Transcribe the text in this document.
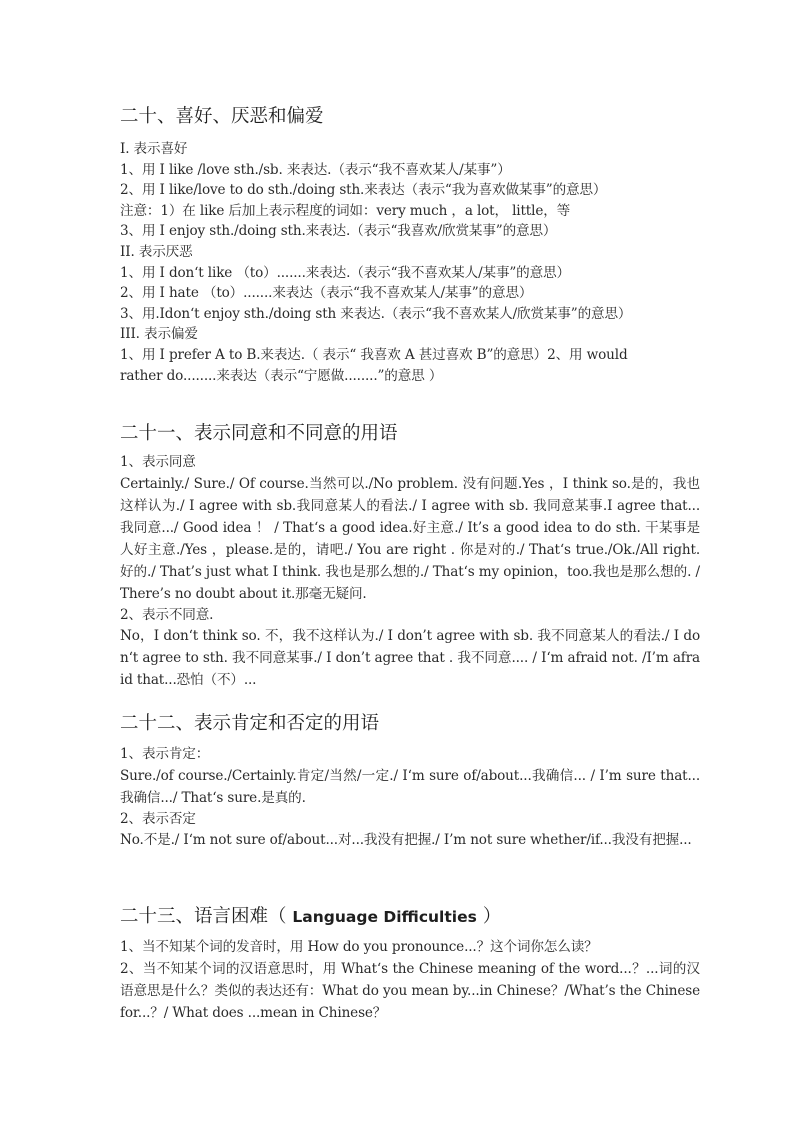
二十、喜好、厌恶和偏爱
I. 表示喜好
1、用 I like /love sth./sb. 来表达.（表示“我不喜欢某人/某事”）
2、用 I like/love to do sth./doing sth.来表达（表示“我为喜欢做某事”的意思）
注意：1）在 like 后加上表示程度的词如：very much ，a lot， little，等
3、用 I enjoy sth./doing sth.来表达.（表示“我喜欢/欣赏某事”的意思）
II. 表示厌恶
1、用 I don‘t like （to）.......来表达.（表示“我不喜欢某人/某事”的意思）
2、用 I hate （to）.......来表达（表示“我不喜欢某人/某事”的意思）
3、用.Idon‘t enjoy sth./doing sth 来表达.（表示“我不喜欢某人/欣赏某事”的意思）
III. 表示偏爱
1、用 I prefer A to B.来表达.（ 表示“ 我喜欢 A 甚过喜欢 B”的意思）2、用 would
rather do........来表达（表示“宁愿做........”的意思 ）
二十一、表示同意和不同意的用语
1、表示同意
Certainly./ Sure./ Of course.当然可以./No problem. 没有问题.Yes ，I think so.是的，我也这样认为./ I agree with sb.我同意某人的看法./ I agree with sb. 我同意某事.I agree that... 我同意.../ Good idea ！ / That‘s a good idea.好主意./ It’s a good idea to do sth. 干某事是人好主意./Yes ，please.是的，请吧./ You are right . 你是对的./ That‘s true./Ok./All right. 好的./ That’s just what I think. 我也是那么想的./ That‘s my opinion，too.我也是那么想的. /There’s no doubt about it.那毫无疑问.
2、表示不同意.
No，I don‘t think so. 不，我不这样认为./ I don’t agree with sb. 我不同意某人的看法./ I don‘t agree to sth. 我不同意某事./ I don’t agree that . 我不同意.... / I‘m afraid not. /I’m afraid that...恐怕（不）...
二十二、表示肯定和否定的用语
1、表示肯定：
Sure./of course./Certainly.肯定/当然/一定./ I‘m sure of/about...我确信... / I’m sure that...我确信.../ That‘s sure.是真的.
2、表示否定
No.不是./ I‘m not sure of/about...对...我没有把握./ I’m not sure whether/if...我没有把握...
二十三、语言困难（ Language Difficulties ）
1、当不知某个词的发音时，用 How do you pronounce...？这个词你怎么读？
2、当不知某个词的汉语意思时，用 What‘s the Chinese meaning of the word...？...词的汉语意思是什么？类似的表达还有：What do you mean by...in Chinese？/What’s the Chinese for...？/ What does ...mean in Chinese？
